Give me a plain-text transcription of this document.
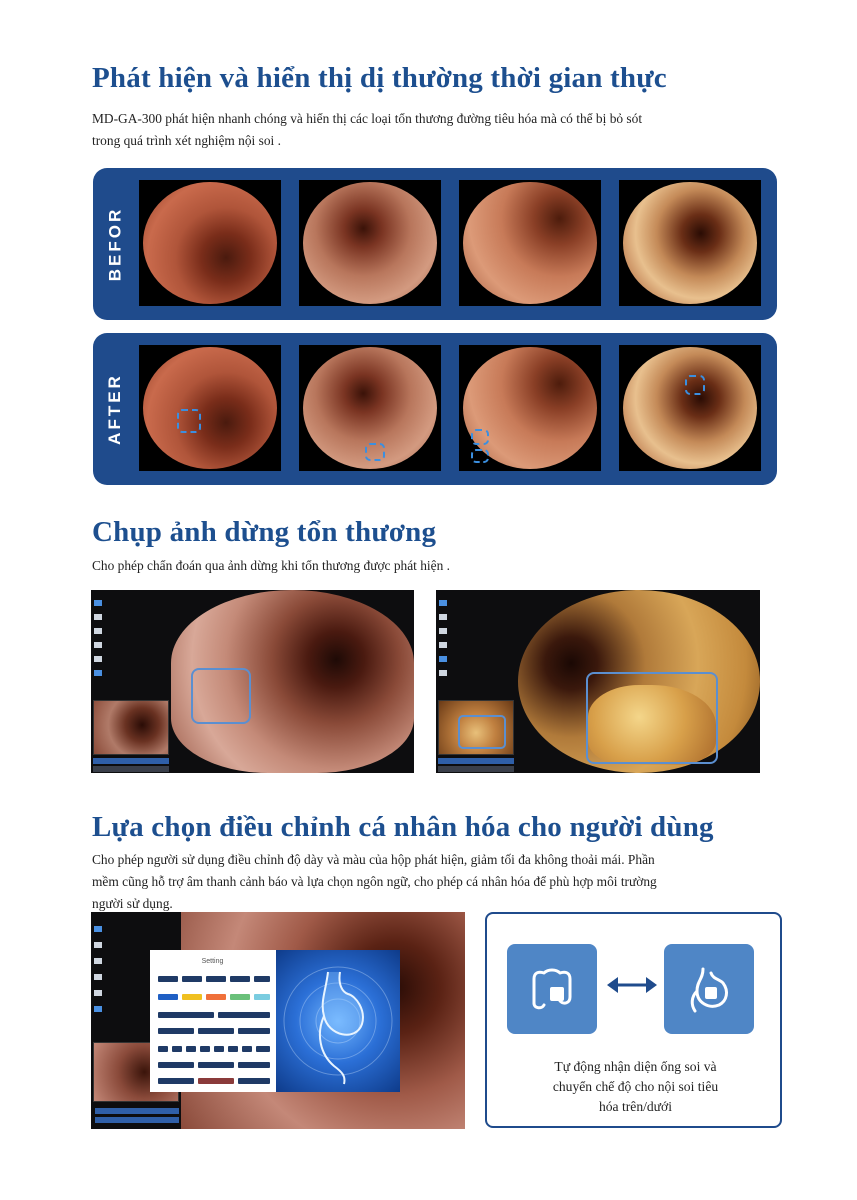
Phát hiện và hiển thị dị thường thời gian thực
MD-GA-300 phát hiện nhanh chóng và hiển thị các loại tổn thương đường tiêu hóa mà có thể bị bỏ sót
trong quá trình xét nghiệm nội soi .
BEFOR
AFTER
Chụp ảnh dừng tổn thương
Cho phép chẩn đoán qua ảnh dừng khi tổn thương được phát hiện .
Lựa chọn điều chỉnh cá nhân hóa cho người dùng
Cho phép người sử dụng điều chỉnh độ dày và màu của hộp phát hiện, giảm tối đa không thoải mái. Phần
mềm cũng hỗ trợ âm thanh cảnh báo và lựa chọn ngôn ngữ, cho phép cá nhân hóa để phù hợp môi trường
người sử dụng.
Setting
Tự động nhận diện ống soi và
chuyển chế độ cho nội soi tiêu
hóa trên/dưới
